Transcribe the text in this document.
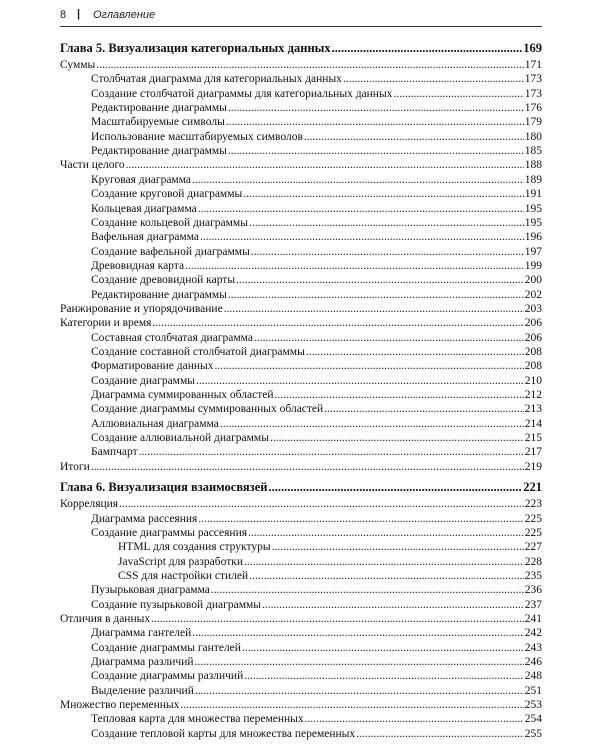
8 | Оглавление
Глава 5. Визуализация категориальных данных .....	169
Суммы .....	171
Столбчатая диаграмма для категориальных данных .....	173
Создание столбчатой диаграммы для категориальных данных .....	173
Редактирование диаграммы .....	176
Масштабируемые символы .....	179
Использование масштабируемых символов .....	180
Редактирование диаграммы .....	185
Части целого .....	188
Круговая диаграмма .....	189
Создание круговой диаграммы .....	191
Кольцевая диаграмма .....	195
Создание кольцевой диаграммы .....	195
Вафельная диаграмма .....	196
Создание вафельной диаграммы .....	197
Древовидная карта .....	199
Создание древовидной карты .....	200
Редактирование диаграммы .....	202
Ранжирование и упорядочивание .....	203
Категории и время .....	206
Составная столбчатая диаграмма .....	206
Создание составной столбчатой диаграммы .....	208
Форматирование данных .....	208
Создание диаграммы .....	210
Диаграмма суммированных областей .....	212
Создание диаграммы суммированных областей .....	213
Аллювиальная диаграмма .....	214
Создание аллювиальной диаграммы .....	215
Бампчарт .....	217
Итоги .....	219
Глава 6. Визуализация взаимосвязей .....	221
Корреляция .....	223
Диаграмма рассеяния .....	225
Создание диаграммы рассеяния .....	225
HTML для создания структуры .....	227
JavaScript для разработки .....	228
CSS для настройки стилей .....	235
Пузырьковая диаграмма .....	236
Создание пузырьковой диаграммы .....	237
Отличия в данных .....	241
Диаграмма гантелей .....	242
Создание диаграммы гантелей .....	243
Диаграмма различий .....	246
Создание диаграммы различий .....	248
Выделение различий .....	251
Множество переменных .....	253
Тепловая карта для множества переменных .....	254
Создание тепловой карты для множества переменных .....	255
